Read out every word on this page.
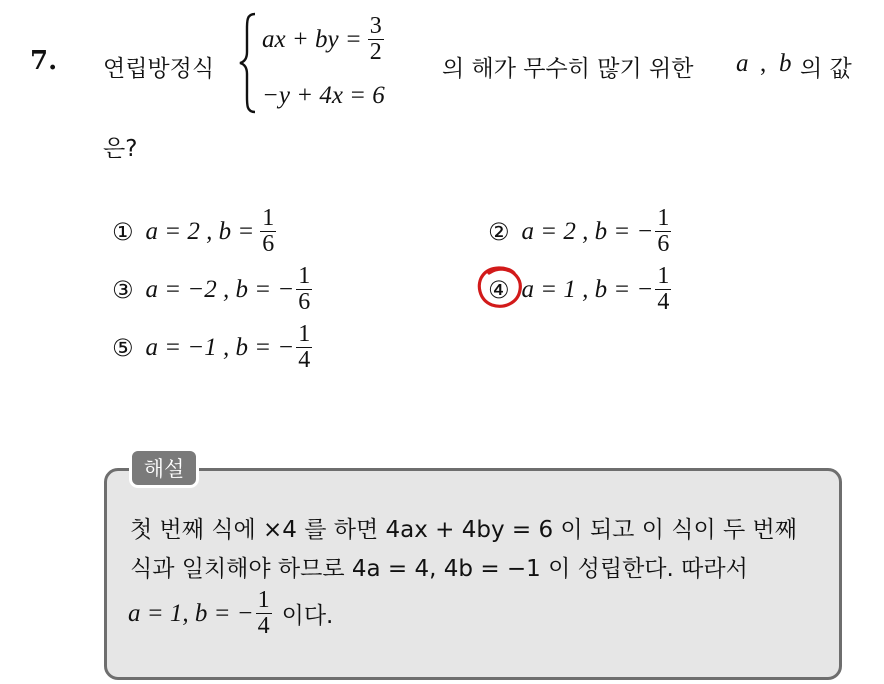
7. 연립방정식
ax + by = $\frac{3}{2}$
−y + 4x = 6
의 해가 무수히 많기 위한 a , b 의 값
은?
① a = 2 , $b = \frac{1}{6}$	② a = 2 , b = − $\frac{1}{6}$
③ a = −2 , b = − $\frac{1}{6}$	④ a = 1 , b = − $\frac{1}{4}$
⑤ a = −1 , b = − $\frac{1}{4}$
해설
첫 번째 식에 ×4 를 하면 4ax + 4by = 6 이 되고 이 식이 두 번째
식과 일치해야 하므로 4a = 4, 4b = −1 이 성립한다. 따라서
a = 1, b = − $\frac{1}{4}$ 이다.
